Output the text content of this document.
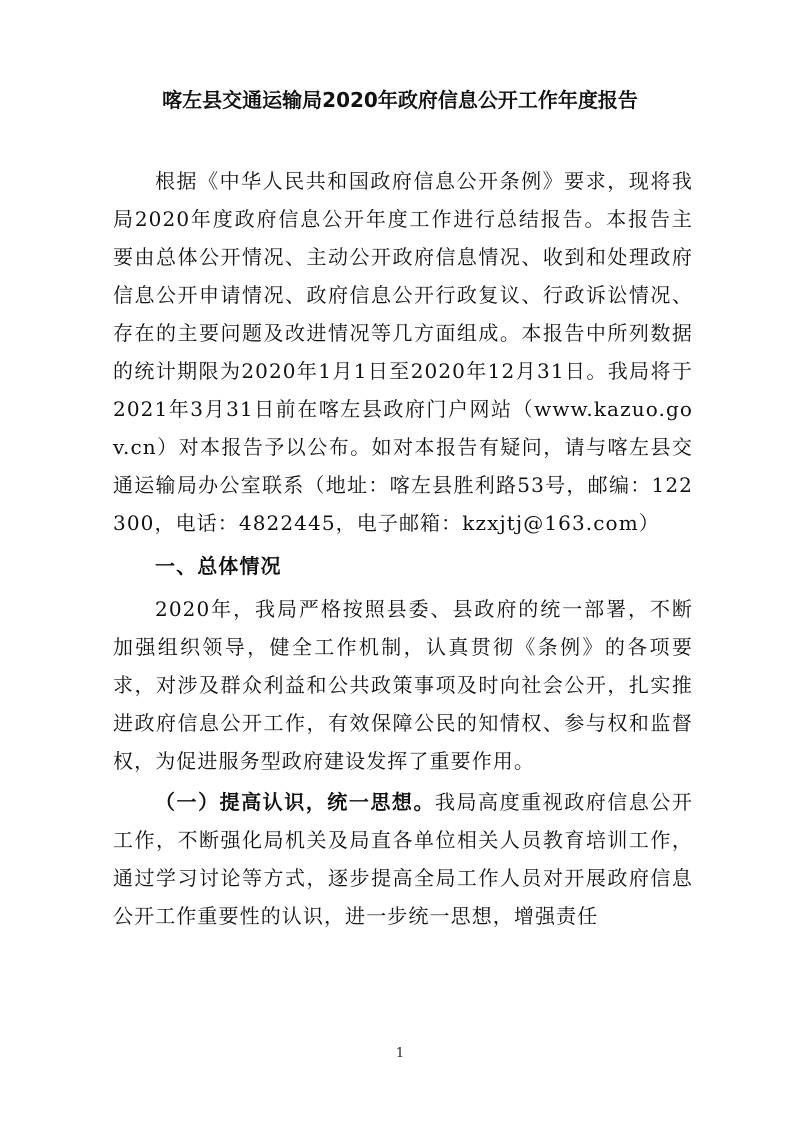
喀左县交通运输局2020年政府信息公开工作年度报告

根据《中华人民共和国政府信息公开条例》要求，现将我局2020年度政府信息公开年度工作进行总结报告。本报告主要由总体公开情况、主动公开政府信息情况、收到和处理政府信息公开申请情况、政府信息公开行政复议、行政诉讼情况、存在的主要问题及改进情况等几方面组成。本报告中所列数据的统计期限为2020年1月1日至2020年12月31日。我局将于2021年3月31日前在喀左县政府门户网站（www.kazuo.gov.cn）对本报告予以公布。如对本报告有疑问，请与喀左县交通运输局办公室联系（地址：喀左县胜利路53号，邮编：122300，电话：4822445，电子邮箱：kzxjtj@163.com）

一、总体情况

2020年，我局严格按照县委、县政府的统一部署，不断加强组织领导，健全工作机制，认真贯彻《条例》的各项要求，对涉及群众利益和公共政策事项及时向社会公开，扎实推进政府信息公开工作，有效保障公民的知情权、参与权和监督权，为促进服务型政府建设发挥了重要作用。

（一）提高认识，统一思想。我局高度重视政府信息公开工作，不断强化局机关及局直各单位相关人员教育培训工作，通过学习讨论等方式，逐步提高全局工作人员对开展政府信息公开工作重要性的认识，进一步统一思想，增强责任

1
